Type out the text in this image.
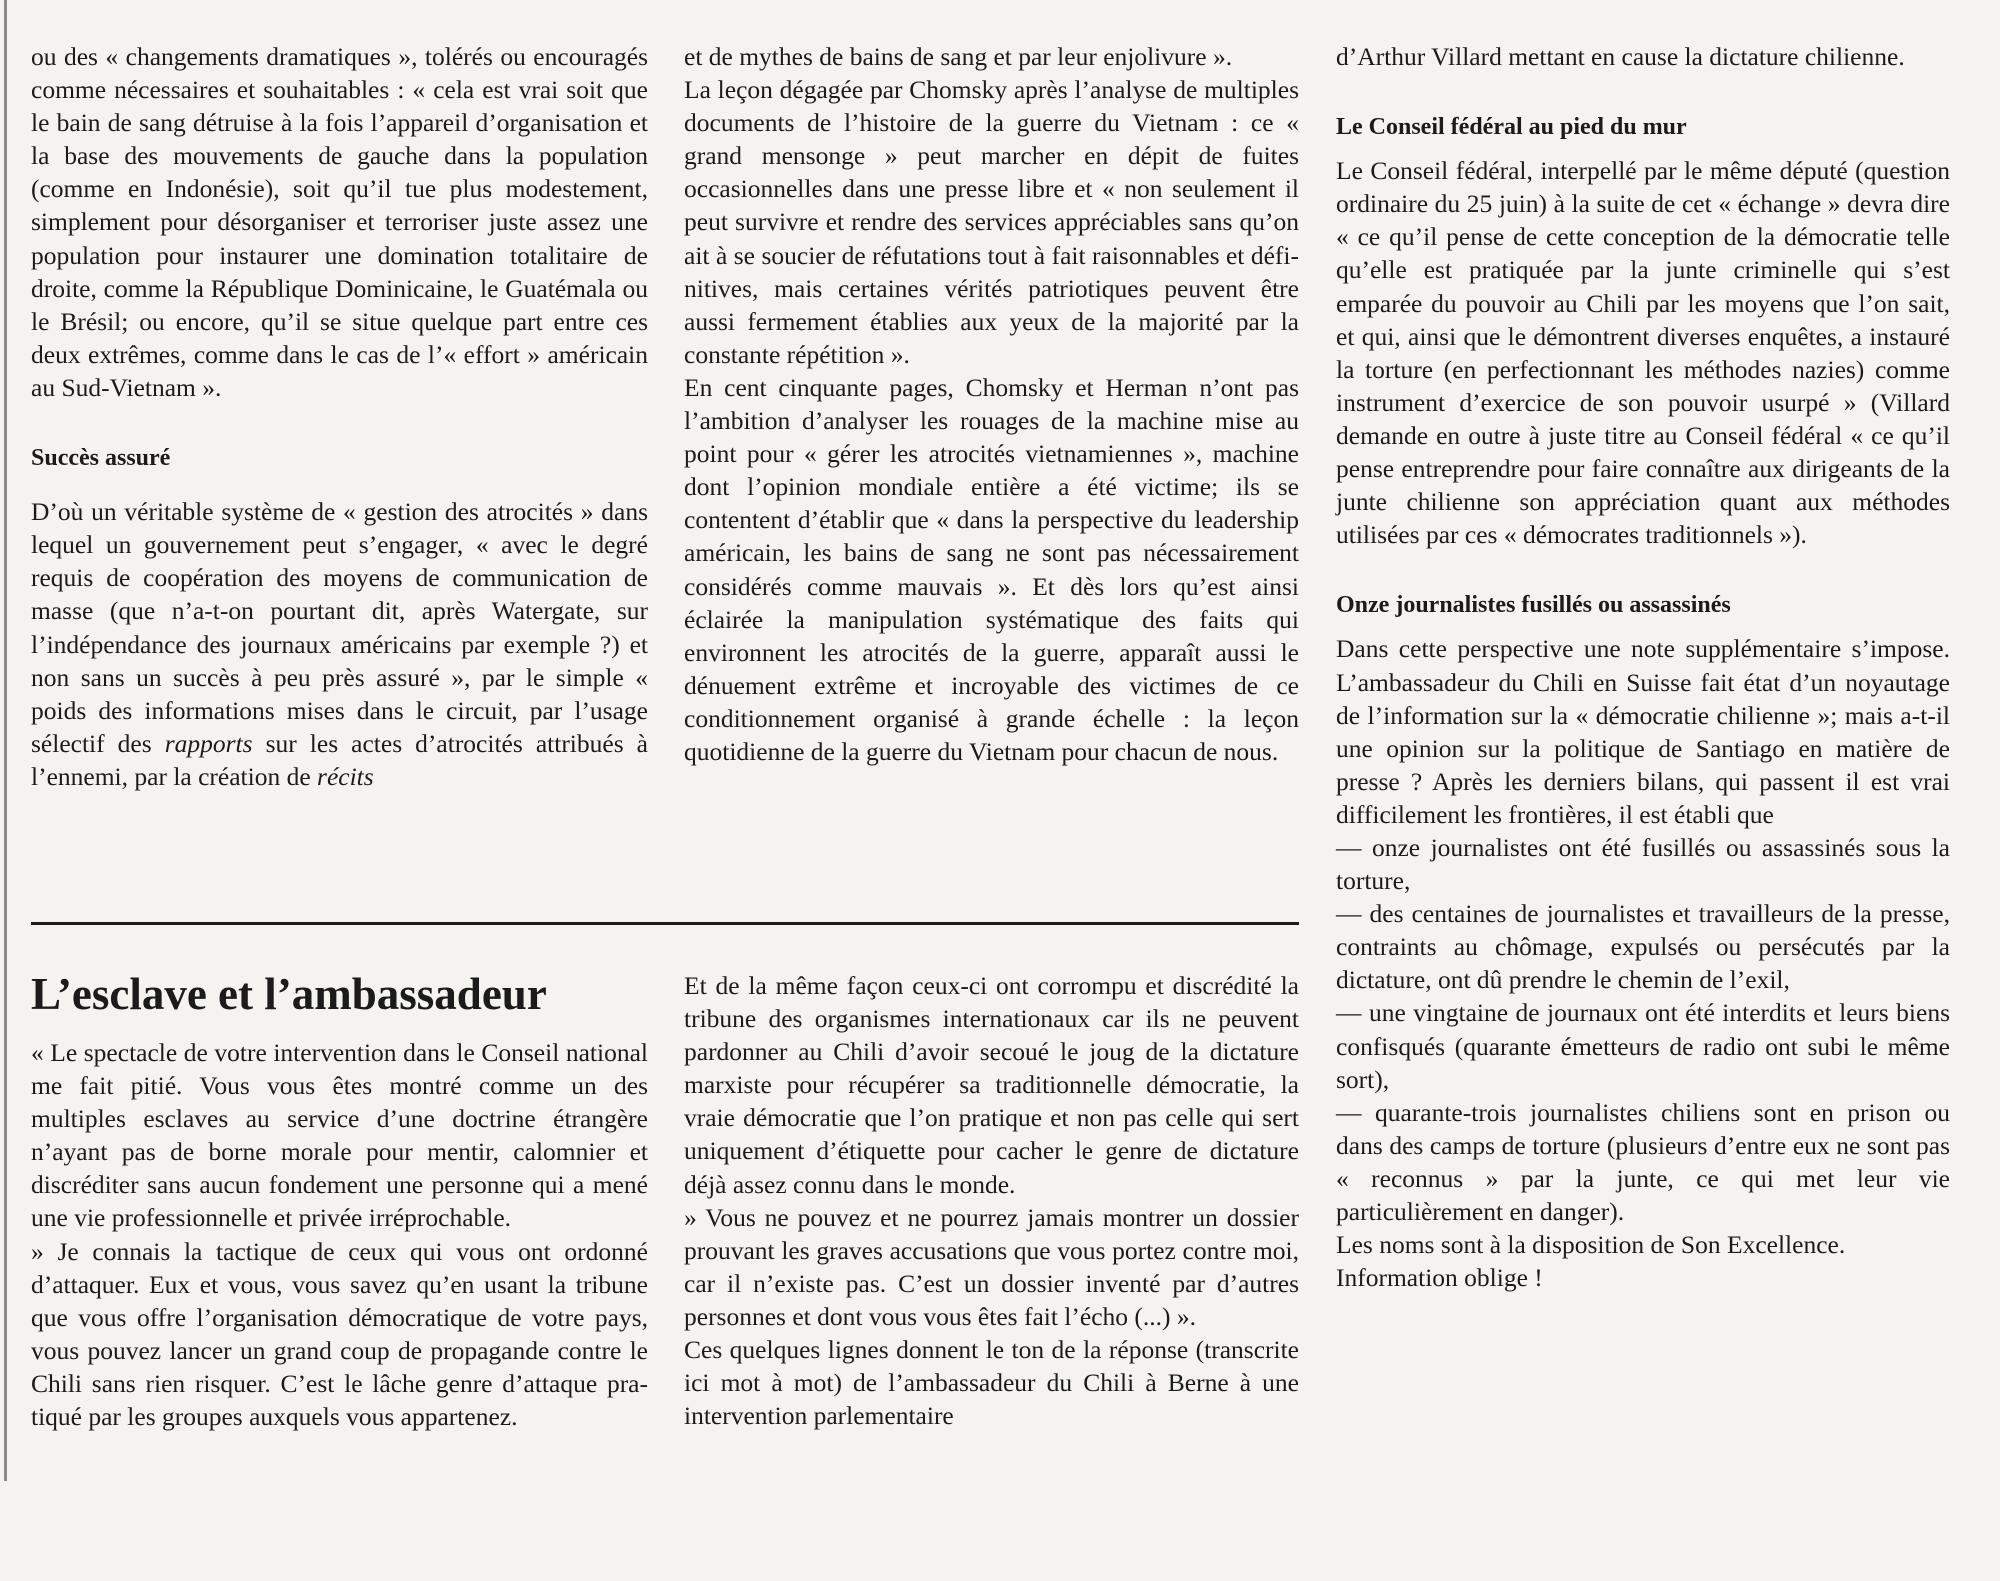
ou des « changements dramatiques », tolérés ou encouragés comme nécessaires et souhaitables : « cela est vrai soit que le bain de sang détruise à la fois l’appareil d’organisation et la base des mouvements de gauche dans la population (comme en Indonésie), soit qu’il tue plus modestement, simplement pour désorganiser et terroriser juste assez une population pour instaurer une domination totalitaire de droite, comme la République Dominicaine, le Guatémala ou le Brésil; ou encore, qu’il se situe quelque part entre ces deux extrêmes, comme dans le cas de l’« effort » américain au Sud-Vietnam ».

Succès assuré

D’où un véritable système de « gestion des atrocités » dans lequel un gouvernement peut s’engager, « avec le degré requis de coopération des moyens de communication de masse (que n’a-t-on pourtant dit, après Watergate, sur l’indépendance des journaux américains par exemple ?) et non sans un succès à peu près assuré », par le simple « poids des informations mises dans le circuit, par l’usage sélectif des rapports sur les actes d’atrocités attribués à l’ennemi, par la création de récits

et de mythes de bains de sang et par leur enjolivure ».

La leçon dégagée par Chomsky après l’analyse de multiples documents de l’histoire de la guerre du Vietnam : ce « grand mensonge » peut marcher en dépit de fuites occasionnelles dans une presse libre et « non seulement il peut survivre et rendre des services appréciables sans qu’on ait à se soucier de réfutations tout à fait raisonnables et définitives, mais certaines vérités patriotiques peuvent être aussi fermement établies aux yeux de la majorité par la constante répétition ».

En cent cinquante pages, Chomsky et Herman n’ont pas l’ambition d’analyser les rouages de la machine mise au point pour « gérer les atrocités vietnamiennes », machine dont l’opinion mondiale entière a été victime; ils se contentent d’établir que « dans la perspective du leadership américain, les bains de sang ne sont pas nécessairement considérés comme mauvais ». Et dès lors qu’est ainsi éclairée la manipulation systématique des faits qui environnent les atrocités de la guerre, apparaît aussi le dénuement extrême et incroyable des victimes de ce conditionnement organisé à grande échelle : la leçon quotidienne de la guerre du Vietnam pour chacun de nous.

L’esclave et l’ambassadeur

« Le spectacle de votre intervention dans le Conseil national me fait pitié. Vous vous êtes montré comme un des multiples esclaves au service d’une doctrine étrangère n’ayant pas de borne morale pour mentir, calomnier et discréditer sans aucun fondement une personne qui a mené une vie professionnelle et privée irréprochable.

» Je connais la tactique de ceux qui vous ont ordonné d’attaquer. Eux et vous, vous savez qu’en usant la tribune que vous offre l’organisation démocratique de votre pays, vous pouvez lancer un grand coup de propagande contre le Chili sans rien risquer. C’est le lâche genre d’attaque pratiqué par les groupes auxquels vous appartenez.

Et de la même façon ceux-ci ont corrompu et discrédité la tribune des organismes internationaux car ils ne peuvent pardonner au Chili d’avoir secoué le joug de la dictature marxiste pour récupérer sa traditionnelle démocratie, la vraie démocratie que l’on pratique et non pas celle qui sert uniquement d’étiquette pour cacher le genre de dictature déjà assez connu dans le monde.

» Vous ne pouvez et ne pourrez jamais montrer un dossier prouvant les graves accusations que vous portez contre moi, car il n’existe pas. C’est un dossier inventé par d’autres personnes et dont vous vous êtes fait l’écho (...) ».

Ces quelques lignes donnent le ton de la réponse (transcrite ici mot à mot) de l’ambassadeur du Chili à Berne à une intervention parlementaire

d’Arthur Villard mettant en cause la dictature chilienne.

Le Conseil fédéral au pied du mur

Le Conseil fédéral, interpellé par le même député (question ordinaire du 25 juin) à la suite de cet « échange » devra dire « ce qu’il pense de cette conception de la démocratie telle qu’elle est pratiquée par la junte criminelle qui s’est emparée du pouvoir au Chili par les moyens que l’on sait, et qui, ainsi que le démontrent diverses enquêtes, a instauré la torture (en perfectionnant les méthodes nazies) comme instrument d’exercice de son pouvoir usurpé » (Villard demande en outre à juste titre au Conseil fédéral « ce qu’il pense entreprendre pour faire connaître aux dirigeants de la junte chilienne son appréciation quant aux méthodes utilisées par ces « démocrates traditionnels »).

Onze journalistes fusillés ou assassinés

Dans cette perspective une note supplémentaire s’impose. L’ambassadeur du Chili en Suisse fait état d’un noyautage de l’information sur la « démocratie chilienne »; mais a-t-il une opinion sur la politique de Santiago en matière de presse ? Après les derniers bilans, qui passent il est vrai difficilement les frontières, il est établi que

— onze journalistes ont été fusillés ou assassinés sous la torture,
— des centaines de journalistes et travailleurs de la presse, contraints au chômage, expulsés ou persécutés par la dictature, ont dû prendre le chemin de l’exil,
— une vingtaine de journaux ont été interdits et leurs biens confisqués (quarante émetteurs de radio ont subi le même sort),
— quarante-trois journalistes chiliens sont en prison ou dans des camps de torture (plusieurs d’entre eux ne sont pas « reconnus » par la junte, ce qui met leur vie particulièrement en danger).

Les noms sont à la disposition de Son Excellence.

Information oblige !
